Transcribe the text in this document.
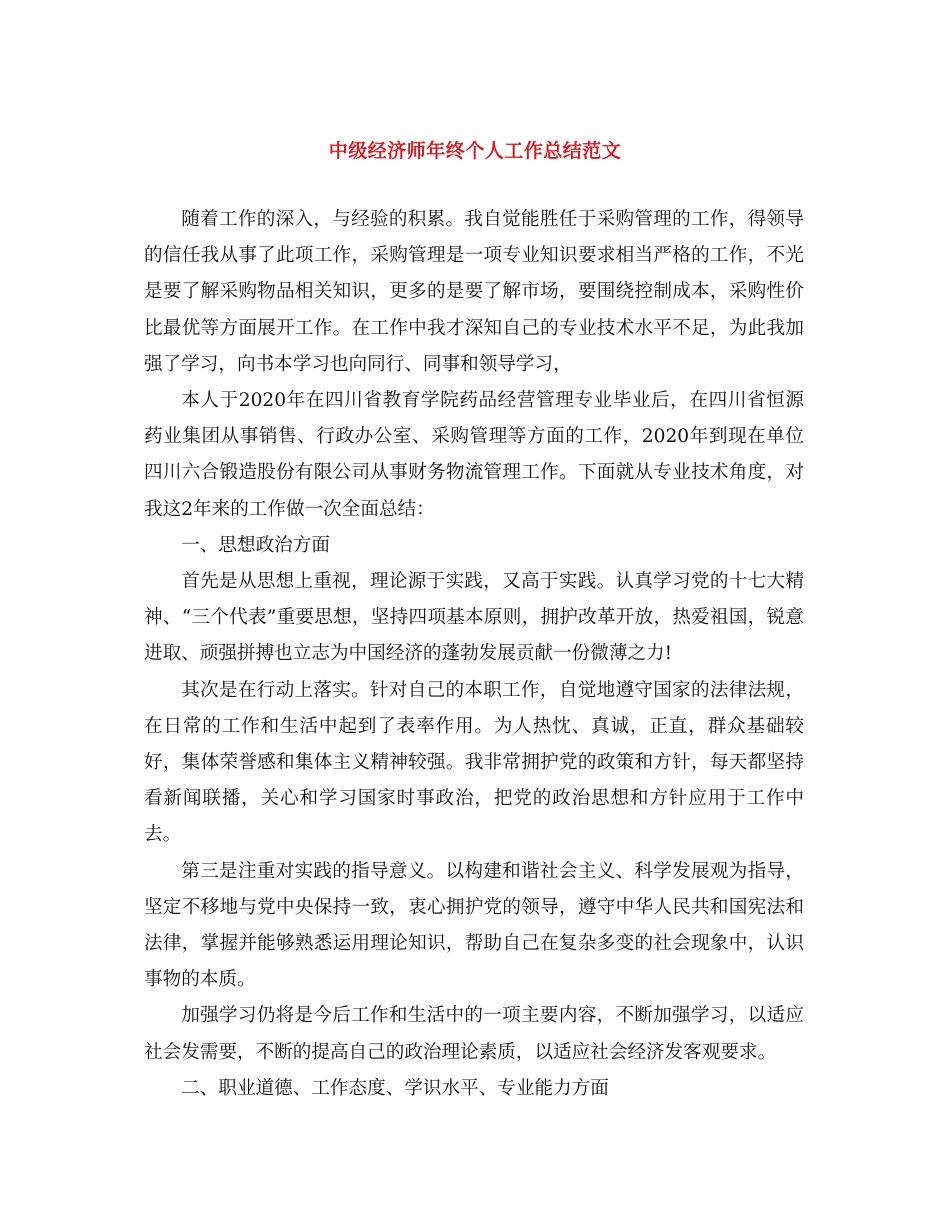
中级经济师年终个人工作总结范文

随着工作的深入，与经验的积累。我自觉能胜任于采购管理的工作，得领导的信任我从事了此项工作，采购管理是一项专业知识要求相当严格的工作，不光是要了解采购物品相关知识，更多的是要了解市场，要围绕控制成本，采购性价比最优等方面展开工作。在工作中我才深知自己的专业技术水平不足，为此我加强了学习，向书本学习也向同行、同事和领导学习，

本人于2020年在四川省教育学院药品经营管理专业毕业后，在四川省恒源药业集团从事销售、行政办公室、采购管理等方面的工作，2020年到现在单位四川六合锻造股份有限公司从事财务物流管理工作。下面就从专业技术角度，对我这2年来的工作做一次全面总结：

一、思想政治方面

首先是从思想上重视，理论源于实践，又高于实践。认真学习党的十七大精神、“三个代表”重要思想，坚持四项基本原则，拥护改革开放，热爱祖国，锐意进取、顽强拼搏也立志为中国经济的蓬勃发展贡献一份微薄之力!

其次是在行动上落实。针对自己的本职工作，自觉地遵守国家的法律法规，在日常的工作和生活中起到了表率作用。为人热忱、真诚，正直，群众基础较好，集体荣誉感和集体主义精神较强。我非常拥护党的政策和方针，每天都坚持看新闻联播，关心和学习国家时事政治，把党的政治思想和方针应用于工作中去。

第三是注重对实践的指导意义。以构建和谐社会主义、科学发展观为指导，坚定不移地与党中央保持一致，衷心拥护党的领导，遵守中华人民共和国宪法和法律，掌握并能够熟悉运用理论知识，帮助自己在复杂多变的社会现象中，认识事物的本质。

加强学习仍将是今后工作和生活中的一项主要内容，不断加强学习，以适应社会发需要，不断的提高自己的政治理论素质，以适应社会经济发客观要求。

二、职业道德、工作态度、学识水平、专业能力方面
